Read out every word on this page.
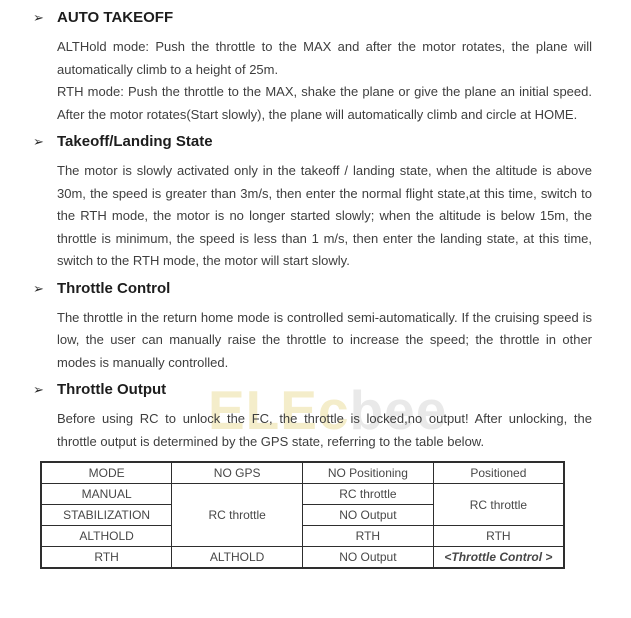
ELEcbee
➢ AUTO TAKEOFF
ALTHold mode: Push the throttle to the MAX and after the motor rotates, the plane will automatically climb to a height of 25m.
RTH mode: Push the throttle to the MAX, shake the plane or give the plane an initial speed. After the motor rotates(Start slowly), the plane will automatically climb and circle at HOME.
➢ Takeoff/Landing State
The motor is slowly activated only in the takeoff / landing state, when the altitude is above 30m, the speed is greater than 3m/s, then enter the normal flight state,at this time, switch to the RTH mode, the motor is no longer started slowly; when the altitude is below 15m, the throttle is minimum, the speed is less than 1 m/s, then enter the landing state, at this time, switch to the RTH mode, the motor will start slowly.
➢ Throttle Control
The throttle in the return home mode is controlled semi-automatically. If the cruising speed is low, the user can manually raise the throttle to increase the speed; the throttle in other modes is manually controlled.
➢ Throttle Output
Before using RC to unlock the FC, the throttle is locked,no output! After unlocking, the throttle output is determined by the GPS state, referring to the table below.
MODE	NO GPS	NO Positioning	Positioned
MANUAL	RC throttle	RC throttle	RC throttle
STABILIZATION		NO Output	
ALTHOLD		RTH	RTH
RTH	ALTHOLD	NO Output	<Throttle Control >
